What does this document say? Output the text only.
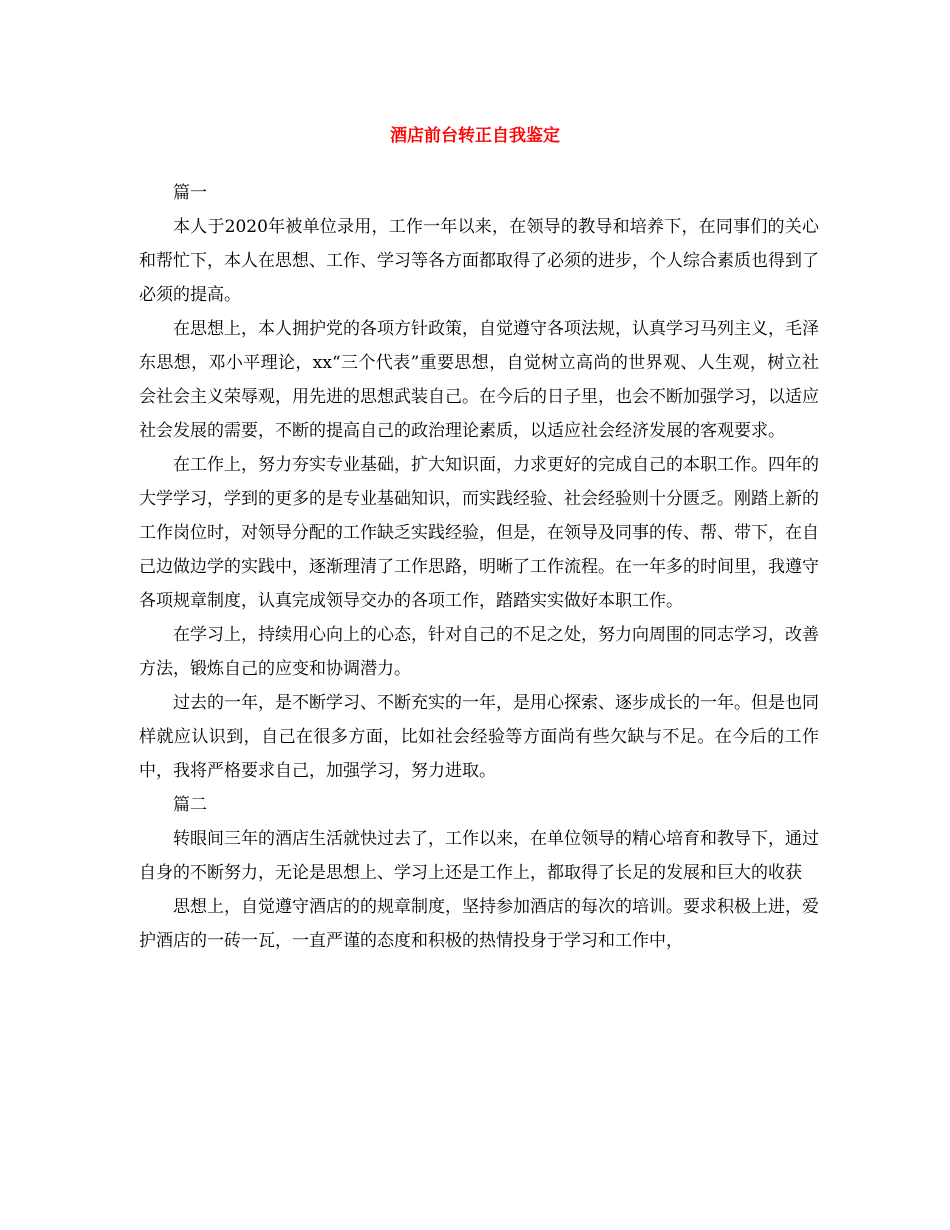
酒店前台转正自我鉴定

篇一

本人于2020年被单位录用，工作一年以来，在领导的教导和培养下，在同事们的关心和帮忙下，本人在思想、工作、学习等各方面都取得了必须的进步，个人综合素质也得到了必须的提高。

在思想上，本人拥护党的各项方针政策，自觉遵守各项法规，认真学习马列主义，毛泽东思想，邓小平理论，xx“三个代表”重要思想，自觉树立高尚的世界观、人生观，树立社会社会主义荣辱观，用先进的思想武装自己。在今后的日子里，也会不断加强学习，以适应社会发展的需要，不断的提高自己的政治理论素质，以适应社会经济发展的客观要求。

在工作上，努力夯实专业基础，扩大知识面，力求更好的完成自己的本职工作。四年的大学学习，学到的更多的是专业基础知识，而实践经验、社会经验则十分匮乏。刚踏上新的工作岗位时，对领导分配的工作缺乏实践经验，但是，在领导及同事的传、帮、带下，在自己边做边学的实践中，逐渐理清了工作思路，明晰了工作流程。在一年多的时间里，我遵守各项规章制度，认真完成领导交办的各项工作，踏踏实实做好本职工作。

在学习上，持续用心向上的心态，针对自己的不足之处，努力向周围的同志学习，改善方法，锻炼自己的应变和协调潜力。

过去的一年，是不断学习、不断充实的一年，是用心探索、逐步成长的一年。但是也同样就应认识到，自己在很多方面，比如社会经验等方面尚有些欠缺与不足。在今后的工作中，我将严格要求自己，加强学习，努力进取。

篇二

转眼间三年的酒店生活就快过去了，工作以来，在单位领导的精心培育和教导下，通过自身的不断努力，无论是思想上、学习上还是工作上，都取得了长足的发展和巨大的收获

思想上，自觉遵守酒店的的规章制度，坚持参加酒店的每次的培训。要求积极上进，爱护酒店的一砖一瓦，一直严谨的态度和积极的热情投身于学习和工作中，
